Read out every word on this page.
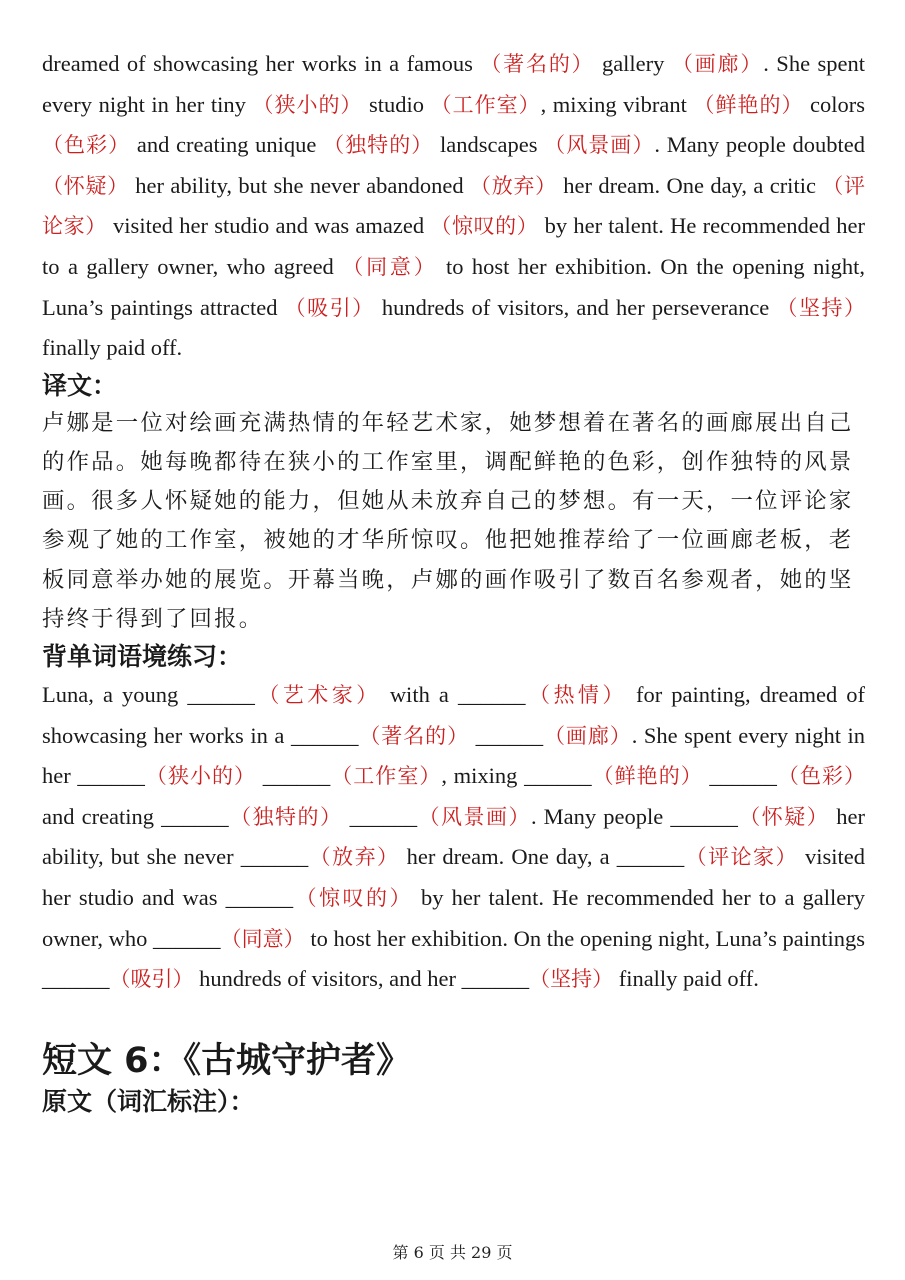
dreamed of showcasing her works in a famous （著名的） gallery （画廊）. She spent every night in her tiny （狭小的） studio （工作室）, mixing vibrant （鲜艳的） colors （色彩） and creating unique （独特的） landscapes （风景画）. Many people doubted （怀疑） her ability, but she never abandoned （放弃） her dream. One day, a critic （评论家） visited her studio and was amazed （惊叹的） by her talent. He recommended her to a gallery owner, who agreed （同意） to host her exhibition. On the opening night, Luna’s paintings attracted （吸引） hundreds of visitors, and her perseverance （坚持） finally paid off.

译文：

卢娜是一位对绘画充满热情的年轻艺术家，她梦想着在著名的画廊展出自己的作品。她每晚都待在狭小的工作室里，调配鲜艳的色彩，创作独特的风景画。很多人怀疑她的能力，但她从未放弃自己的梦想。有一天，一位评论家参观了她的工作室，被她的才华所惊叹。他把她推荐给了一位画廊老板，老板同意举办她的展览。开幕当晚，卢娜的画作吸引了数百名参观者，她的坚持终于得到了回报。

背单词语境练习：

Luna, a young ______（艺术家） with a ______（热情） for painting, dreamed of showcasing her works in a ______（著名的） ______（画廊）. She spent every night in her ______（狭小的） ______（工作室）, mixing ______（鲜艳的） ______（色彩） and creating ______（独特的） ______（风景画）. Many people ______（怀疑） her ability, but she never ______（放弃） her dream. One day, a ______（评论家） visited her studio and was ______（惊叹的） by her talent. He recommended her to a gallery owner, who ______（同意） to host her exhibition. On the opening night, Luna’s paintings ______（吸引） hundreds of visitors, and her ______（坚持） finally paid off.

短文 6：《古城守护者》

原文（词汇标注）：

第 6 页 共 29 页
